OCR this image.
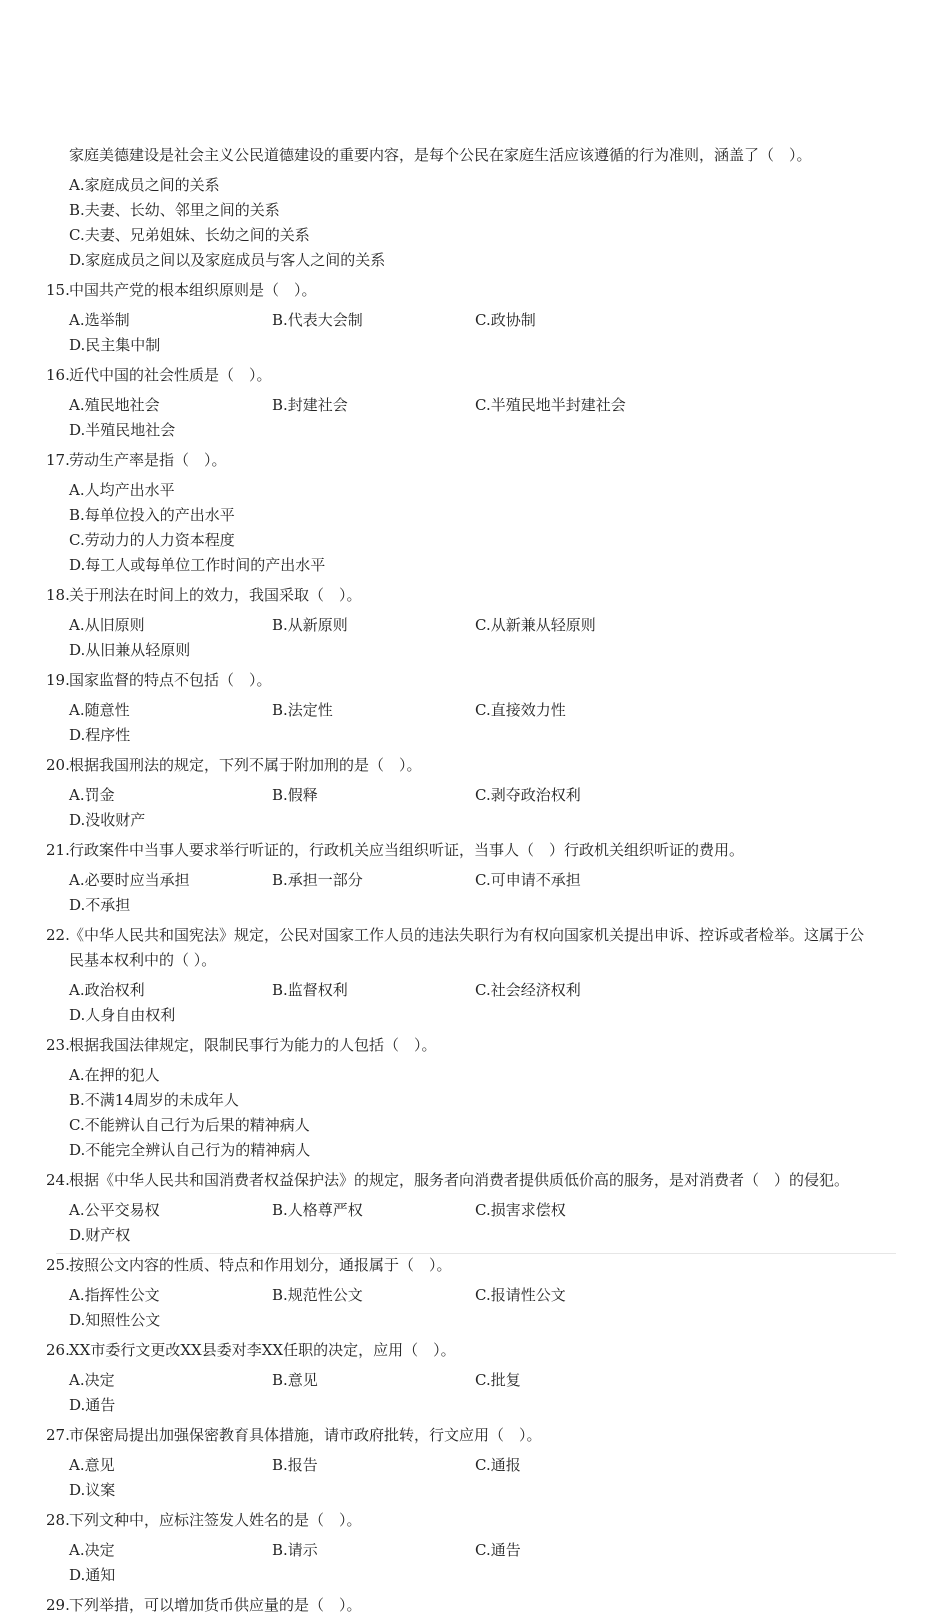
家庭美德建设是社会主义公民道德建设的重要内容，是每个公民在家庭生活应该遵循的行为准则，涵盖了（　）。
A.家庭成员之间的关系
B.夫妻、长幼、邻里之间的关系
C.夫妻、兄弟姐妹、长幼之间的关系
D.家庭成员之间以及家庭成员与客人之间的关系
15. 中国共产党的根本组织原则是（　）。
A.选举制	B.代表大会制	C.政协制
D.民主集中制
16. 近代中国的社会性质是（　）。
A.殖民地社会	B.封建社会	C.半殖民地半封建社会
D.半殖民地社会
17. 劳动生产率是指（　）。
A.人均产出水平
B.每单位投入的产出水平
C.劳动力的人力资本程度
D.每工人或每单位工作时间的产出水平
18. 关于刑法在时间上的效力，我国采取（　）。
A.从旧原则	B.从新原则	C.从新兼从轻原则
D.从旧兼从轻原则
19. 国家监督的特点不包括（　）。
A.随意性	B.法定性	C.直接效力性
D.程序性
20. 根据我国刑法的规定，下列不属于附加刑的是（　）。
A.罚金	B.假释	C.剥夺政治权利
D.没收财产
21. 行政案件中当事人要求举行听证的，行政机关应当组织听证，当事人（　）行政机关组织听证的费用。
A.必要时应当承担	B.承担一部分	C.可申请不承担
D.不承担
22. 《中华人民共和国宪法》规定，公民对国家工作人员的违法失职行为有权向国家机关提出申诉、控诉或者检举。这属于公民基本权利中的（ ）。
A.政治权利	B.监督权利	C.社会经济权利
D.人身自由权利
23. 根据我国法律规定，限制民事行为能力的人包括（　）。
A.在押的犯人
B.不满14周岁的未成年人
C.不能辨认自己行为后果的精神病人
D.不能完全辨认自己行为的精神病人
24. 根据《中华人民共和国消费者权益保护法》的规定，服务者向消费者提供质低价高的服务，是对消费者（　）的侵犯。
A.公平交易权	B.人格尊严权	C.损害求偿权
D.财产权
25. 按照公文内容的性质、特点和作用划分，通报属于（　）。
A.指挥性公文	B.规范性公文	C.报请性公文
D.知照性公文
26. XX市委行文更改XX县委对李XX任职的决定，应用（　）。
A.决定	B.意见	C.批复
D.通告
27. 市保密局提出加强保密教育具体措施，请市政府批转，行文应用（　）。
A.意见	B.报告	C.通报
D.议案
28. 下列文种中，应标注签发人姓名的是（　）。
A.决定	B.请示	C.通告
D.通知
29. 下列举措，可以增加货币供应量的是（　）。
